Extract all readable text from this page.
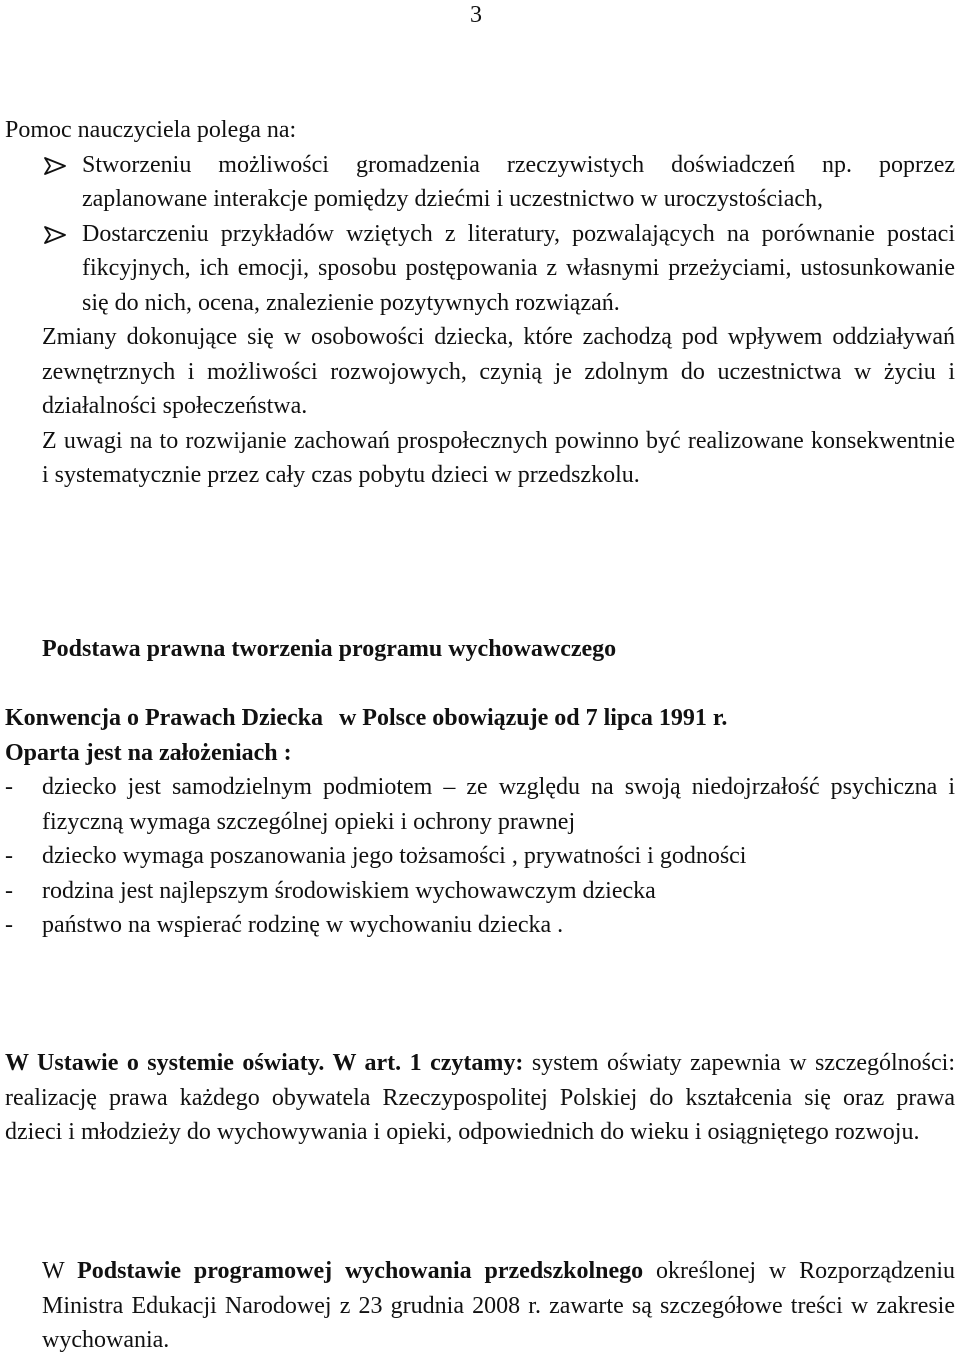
3
Pomoc nauczyciela polega na:
Stworzeniu możliwości gromadzenia rzeczywistych doświadczeń np. poprzez zaplanowane interakcje pomiędzy dziećmi i uczestnictwo w uroczystościach,
Dostarczeniu przykładów wziętych z literatury, pozwalających na porównanie postaci fikcyjnych, ich emocji, sposobu postępowania z własnymi przeżyciami, ustosunkowanie się do nich, ocena, znalezienie pozytywnych rozwiązań.
Zmiany dokonujące się w osobowości dziecka, które zachodzą pod wpływem oddziaływań zewnętrznych i możliwości rozwojowych, czynią je zdolnym do uczestnictwa w życiu i działalności społeczeństwa.
Z uwagi na to rozwijanie zachowań prospołecznych powinno być realizowane konsekwentnie i systematycznie przez cały czas pobytu dzieci w przedszkolu.
Podstawa prawna tworzenia programu wychowawczego
Konwencja o Prawach Dziecka w Polsce obowiązuje od 7 lipca 1991 r.
Oparta jest na założeniach :
- dziecko jest samodzielnym podmiotem – ze względu na swoją niedojrzałość psychiczna i fizyczną wymaga szczególnej opieki i ochrony prawnej
- dziecko wymaga poszanowania jego tożsamości , prywatności i godności
- rodzina jest najlepszym środowiskiem wychowawczym dziecka
- państwo na wspierać rodzinę w wychowaniu dziecka .
W Ustawie o systemie oświaty. W art. 1 czytamy: system oświaty zapewnia w szczególności: realizację prawa każdego obywatela Rzeczypospolitej Polskiej do kształcenia się oraz prawa dzieci i młodzieży do wychowywania i opieki, odpowiednich do wieku i osiągniętego rozwoju.
W Podstawie programowej wychowania przedszkolnego określonej w Rozporządzeniu Ministra Edukacji Narodowej z 23 grudnia 2008 r. zawarte są szczegółowe treści w zakresie wychowania.
